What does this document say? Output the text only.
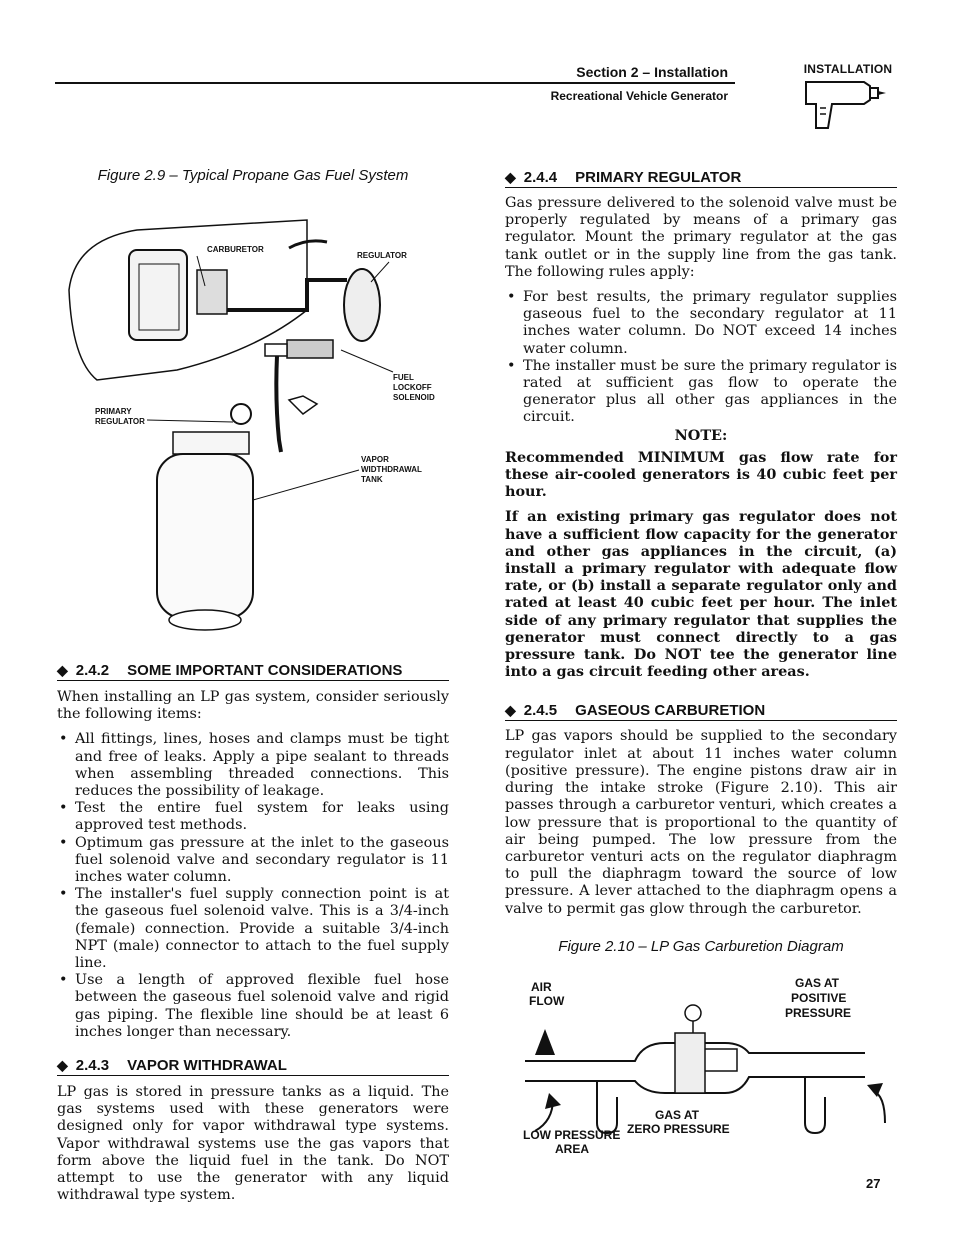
Section 2 – Installation
Recreational Vehicle Generator
INSTALLATION
Figure 2.9 – Typical Propane Gas Fuel System
CARBURETOR
REGULATOR
FUEL
LOCKOFF
SOLENOID
PRIMARY
REGULATOR
VAPOR
WIDTHDRAWAL
TANK
◆ 2.4.2 SOME IMPORTANT CONSIDERATIONS

When installing an LP gas system, consider seriously the following items:

• All fittings, lines, hoses and clamps must be tight and free of leaks. Apply a pipe sealant to threads when assembling threaded connections. This reduces the possibility of leakage.
• Test the entire fuel system for leaks using approved test methods.
• Optimum gas pressure at the inlet to the gaseous fuel solenoid valve and secondary regulator is 11 inches water column.
• The installer's fuel supply connection point is at the gaseous fuel solenoid valve. This is a 3/4-inch (female) connection. Provide a suitable 3/4-inch NPT (male) connector to attach to the fuel supply line.
• Use a length of approved flexible fuel hose between the gaseous fuel solenoid valve and rigid gas piping. The flexible line should be at least 6 inches longer than necessary.
◆ 2.4.3 VAPOR WITHDRAWAL

LP gas is stored in pressure tanks as a liquid. The gas systems used with these generators were designed only for vapor withdrawal type systems. Vapor withdrawal systems use the gas vapors that form above the liquid fuel in the tank. Do NOT attempt to use the generator with any liquid withdrawal type system.

◆ 2.4.4 PRIMARY REGULATOR

Gas pressure delivered to the solenoid valve must be properly regulated by means of a primary gas regulator. Mount the primary regulator at the gas tank outlet or in the supply line from the gas tank. The following rules apply:

• For best results, the primary regulator supplies gaseous fuel to the secondary regulator at 11 inches water column. Do NOT exceed 14 inches water column.
• The installer must be sure the primary regulator is rated at sufficient gas flow to operate the generator plus all other gas appliances in the circuit.
NOTE:

Recommended MINIMUM gas flow rate for these air-cooled generators is 40 cubic feet per hour.

If an existing primary gas regulator does not have a sufficient flow capacity for the generator and other gas appliances in the circuit, (a) install a primary regulator with adequate flow rate, or (b) install a separate regulator only and rated at least 40 cubic feet per hour. The inlet side of any primary regulator that supplies the generator must connect directly to a gas pressure tank. Do NOT tee the generator line into a gas circuit feeding other areas.

◆ 2.4.5 GASEOUS CARBURETION

LP gas vapors should be supplied to the secondary regulator inlet at about 11 inches water column (positive pressure). The engine pistons draw air in during the intake stroke (Figure 2.10). This air passes through a carburetor venturi, which creates a low pressure that is proportional to the quantity of air being pumped. The low pressure from the carburetor venturi acts on the regulator diaphragm to pull the diaphragm toward the source of low pressure. A lever attached to the diaphragm opens a valve to permit gas glow through the carburetor.

Figure 2.10 – LP Gas Carburetion Diagram
AIR
FLOW
GAS AT
POSITIVE
PRESSURE
GAS AT
ZERO PRESSURE
LOW PRESSURE
AREA
27
